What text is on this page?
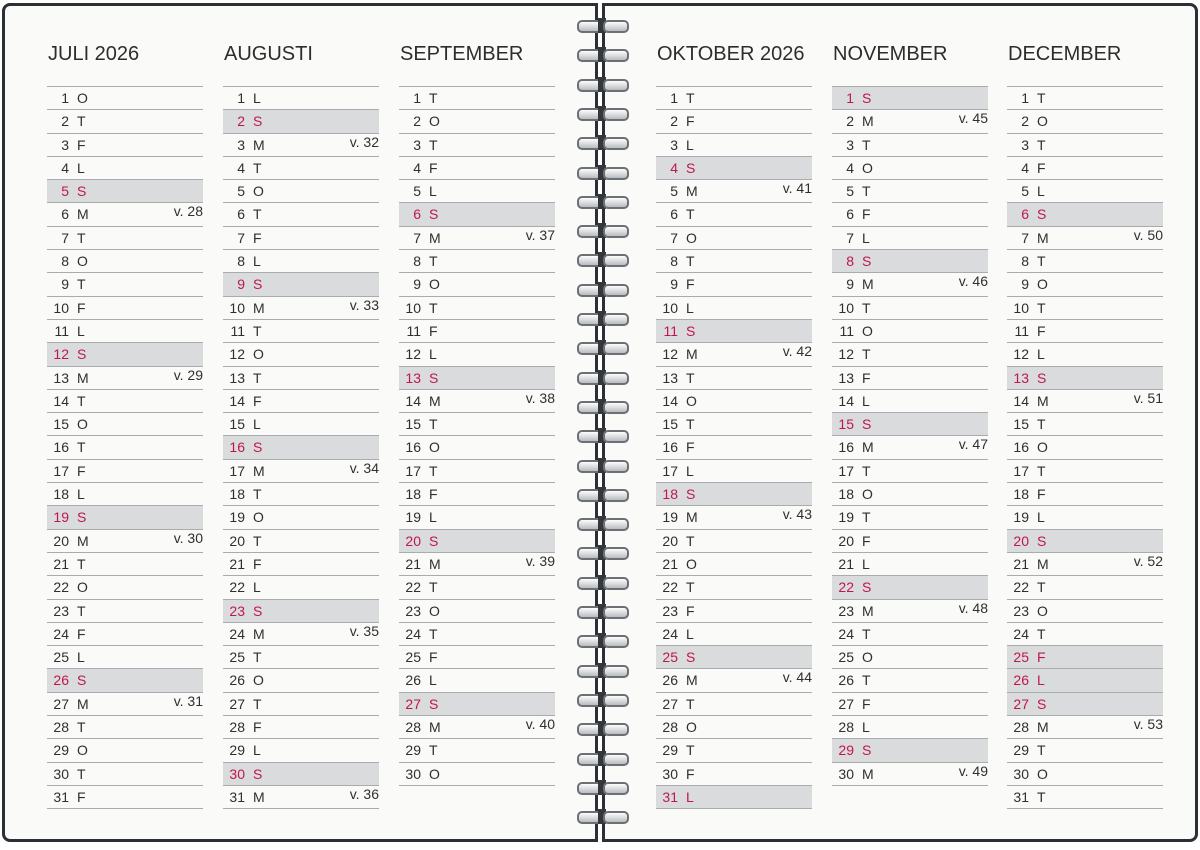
JULI 2026
1 O
2 T
3 F
4 L
5 S
6 M	v. 28
7 T
8 O
9 T
10 F
11 L
12 S
13 M	v. 29
14 T
15 O
16 T
17 F
18 L
19 S
20 M	v. 30
21 T
22 O
23 T
24 F
25 L
26 S
27 M	v. 31
28 T
29 O
30 T
31 F
AUGUSTI
1 L
2 S
3 M	v. 32
4 T
5 O
6 T
7 F
8 L
9 S
10 M	v. 33
11 T
12 O
13 T
14 F
15 L
16 S
17 M	v. 34
18 T
19 O
20 T
21 F
22 L
23 S
24 M	v. 35
25 T
26 O
27 T
28 F
29 L
30 S
31 M	v. 36
SEPTEMBER
1 T
2 O
3 T
4 F
5 L
6 S
7 M	v. 37
8 T
9 O
10 T
11 F
12 L
13 S
14 M	v. 38
15 T
16 O
17 T
18 F
19 L
20 S
21 M	v. 39
22 T
23 O
24 T
25 F
26 L
27 S
28 M	v. 40
29 T
30 O
OKTOBER 2026
1 T
2 F
3 L
4 S
5 M	v. 41
6 T
7 O
8 T
9 F
10 L
11 S
12 M	v. 42
13 T
14 O
15 T
16 F
17 L
18 S
19 M	v. 43
20 T
21 O
22 T
23 F
24 L
25 S
26 M	v. 44
27 T
28 O
29 T
30 F
31 L
NOVEMBER
1 S
2 M	v. 45
3 T
4 O
5 T
6 F
7 L
8 S
9 M	v. 46
10 T
11 O
12 T
13 F
14 L
15 S
16 M	v. 47
17 T
18 O
19 T
20 F
21 L
22 S
23 M	v. 48
24 T
25 O
26 T
27 F
28 L
29 S
30 M	v. 49
DECEMBER
1 T
2 O
3 T
4 F
5 L
6 S
7 M	v. 50
8 T
9 O
10 T
11 F
12 L
13 S
14 M	v. 51
15 T
16 O
17 T
18 F
19 L
20 S
21 M	v. 52
22 T
23 O
24 T
25 F
26 L
27 S
28 M	v. 53
29 T
30 O
31 T
